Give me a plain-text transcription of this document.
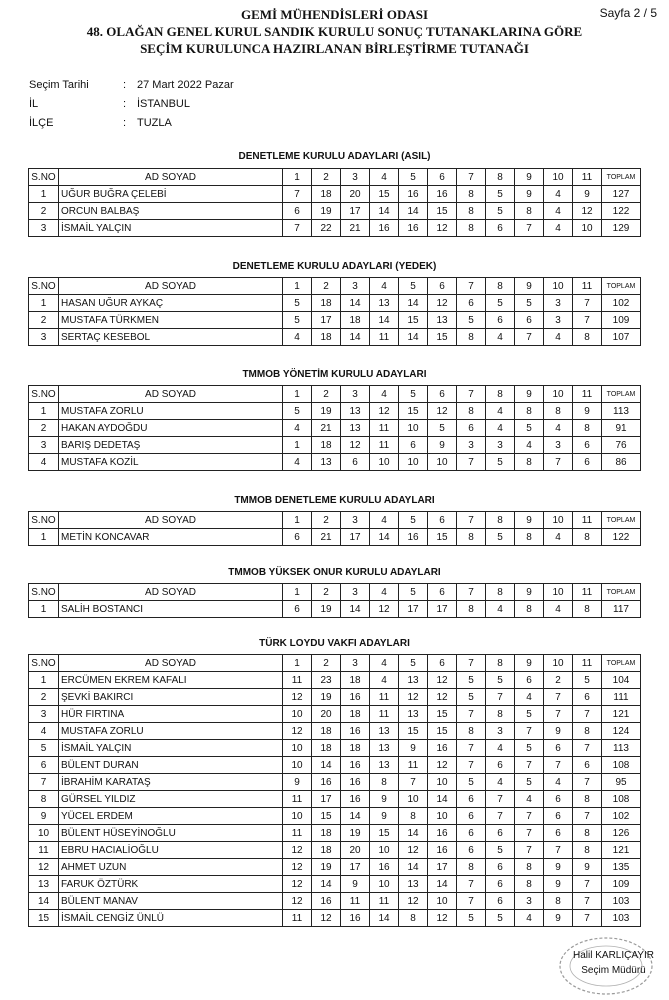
GEMİ MÜHENDİSLERİ ODASI
48. OLAĞAN GENEL KURUL SANDIK KURULU SONUÇ TUTANAKLARINA GÖRE
SEÇİM KURULUNCA HAZIRLANAN BİRLEŞTİRME TUTANAĞI
Sayfa 2 / 5
Seçim Tarihi	: 27 Mart 2022 Pazar
İL	: İSTANBUL
İLÇE	: TUZLA
DENETLEME KURULU ADAYLARI (ASIL)
S.NO	AD SOYAD	1	2	3	4	5	6	7	8	9	10	11	TOPLAM
1	UĞUR BUĞRA ÇELEBİ	7	18	20	15	16	16	8	5	9	4	9	127
2	ORCUN BALBAŞ	6	19	17	14	14	15	8	5	8	4	12	122
3	İSMAİL YALÇIN	7	22	21	16	16	12	8	6	7	4	10	129
DENETLEME KURULU ADAYLARI (YEDEK)
S.NO	AD SOYAD	1	2	3	4	5	6	7	8	9	10	11	TOPLAM
1	HASAN UĞUR AYKAÇ	5	18	14	13	14	12	6	5	5	3	7	102
2	MUSTAFA TÜRKMEN	5	17	18	14	15	13	5	6	6	3	7	109
3	SERTAÇ KESEBOL	4	18	14	11	14	15	8	4	7	4	8	107
TMMOB YÖNETİM KURULU ADAYLARI
S.NO	AD SOYAD	1	2	3	4	5	6	7	8	9	10	11	TOPLAM
1	MUSTAFA ZORLU	5	19	13	12	15	12	8	4	8	8	9	113
2	HAKAN AYDOĞDU	4	21	13	11	10	5	6	4	5	4	8	91
3	BARIŞ DEDETAŞ	1	18	12	11	6	9	3	3	4	3	6	76
4	MUSTAFA KOZİL	4	13	6	10	10	10	7	5	8	7	6	86
TMMOB DENETLEME KURULU ADAYLARI
S.NO	AD SOYAD	1	2	3	4	5	6	7	8	9	10	11	TOPLAM
1	METİN KONCAVAR	6	21	17	14	16	15	8	5	8	4	8	122
TMMOB YÜKSEK ONUR KURULU ADAYLARI
S.NO	AD SOYAD	1	2	3	4	5	6	7	8	9	10	11	TOPLAM
1	SALİH BOSTANCI	6	19	14	12	17	17	8	4	8	4	8	117
TÜRK LOYDU VAKFI ADAYLARI
S.NO	AD SOYAD	1	2	3	4	5	6	7	8	9	10	11	TOPLAM
1	ERCÜMEN EKREM KAFALI	11	23	18	4	13	12	5	5	6	2	5	104
2	ŞEVKİ BAKIRCI	12	19	16	11	12	12	5	7	4	7	6	111
3	HÜR FIRTINA	10	20	18	11	13	15	7	8	5	7	7	121
4	MUSTAFA ZORLU	12	18	16	13	15	15	8	3	7	9	8	124
5	İSMAİL YALÇIN	10	18	18	13	9	16	7	4	5	6	7	113
6	BÜLENT DURAN	10	14	16	13	11	12	7	6	7	7	6	108
7	İBRAHİM KARATAŞ	9	16	16	8	7	10	5	4	5	4	7	95
8	GÜRSEL YILDIZ	11	17	16	9	10	14	6	7	4	6	8	108
9	YÜCEL ERDEM	10	15	14	9	8	10	6	7	7	6	7	102
10	BÜLENT HÜSEYİNOĞLU	11	18	19	15	14	16	6	6	7	6	8	126
11	EBRU HACIALİOĞLU	12	18	20	10	12	16	6	5	7	7	8	121
12	AHMET UZUN	12	19	17	16	14	17	8	6	8	9	9	135
13	FARUK ÖZTÜRK	12	14	9	10	13	14	7	6	8	9	7	109
14	BÜLENT MANAV	12	16	11	11	12	10	7	6	3	8	7	103
15	İSMAİL CENGİZ ÜNLÜ	11	12	16	14	8	12	5	5	4	9	7	103
Halil KARLIÇAYIR
Seçim Müdürü
